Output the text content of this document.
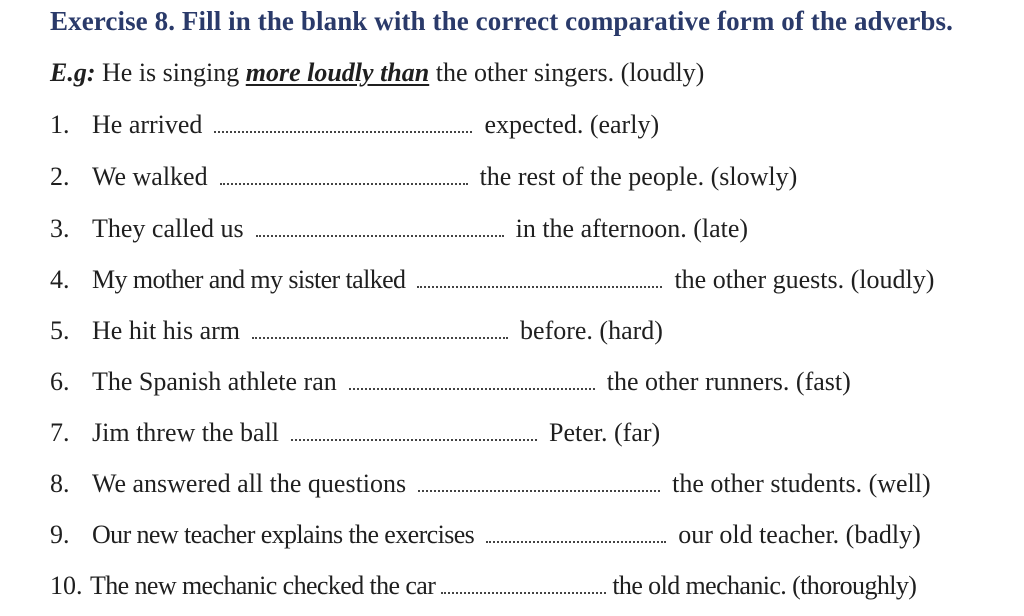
Exercise 8. Fill in the blank with the correct comparative form of the adverbs.
E.g: He is singing more loudly than the other singers. (loudly)
1. He arrived	expected. (early)
2. We walked	the rest of the people. (slowly)
3. They called us	in the afternoon. (late)
4. My mother and my sister talked	the other guests. (loudly)
5. He hit his arm	before. (hard)
6. The Spanish athlete ran	the other runners. (fast)
7. Jim threw the ball	Peter. (far)
8. We answered all the questions	the other students. (well)
9. Our new teacher explains the exercises	our old teacher. (badly)
10. The new mechanic checked the car	the old mechanic. (thoroughly)
